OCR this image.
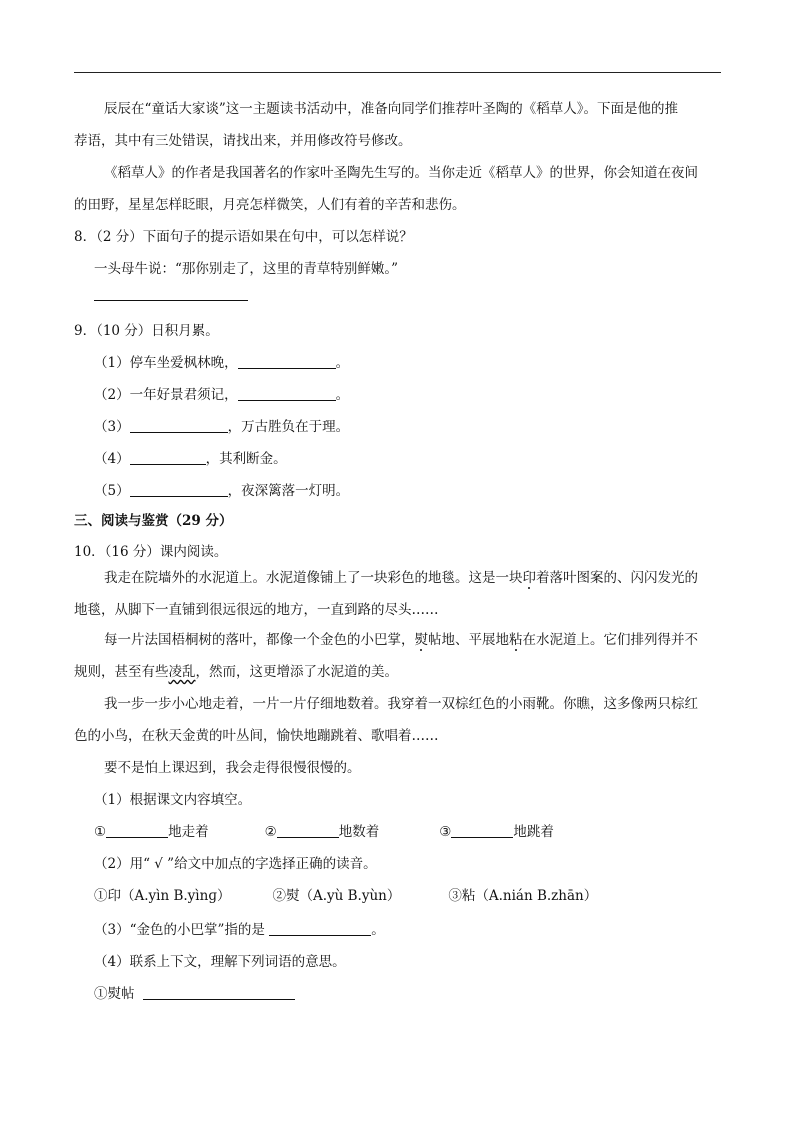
辰辰在“童话大家谈”这一主题读书活动中，准备向同学们推荐叶圣陶的《稻草人》。下面是他的推
荐语，其中有三处错误，请找出来，并用修改符号修改。
《稻草人》的作者是我国著名的作家叶圣陶先生写的。当你走近《稻草人》的世界，你会知道在夜间
的田野，星星怎样眨眼，月亮怎样微笑，人们有着的辛苦和悲伤。
8．（2 分）下面句子的提示语如果在句中，可以怎样说？
一头母牛说：“那你别走了，这里的青草特别鲜嫩。”
9．（10 分）日积月累。
（1）停车坐爱枫林晚，	。
（2）一年好景君须记，	。
（3）	，万古胜负在于理。
（4）	，其利断金。
（5）	，夜深篱落一灯明。
三、阅读与鉴赏（29 分）
10．（16 分）课内阅读。
我走在院墙外的水泥道上。水泥道像铺上了一块彩色的地毯。这是一块印着落叶图案的、闪闪发光的
地毯，从脚下一直铺到很远很远的地方，一直到路的尽头……
每一片法国梧桐树的落叶，都像一个金色的小巴掌，熨帖地、平展地粘在水泥道上。它们排列得并不
规则，甚至有些凌乱，然而，这更增添了水泥道的美。
我一步一步小心地走着，一片一片仔细地数着。我穿着一双棕红色的小雨靴。你瞧，这多像两只棕红
色的小鸟，在秋天金黄的叶丛间，愉快地蹦跳着、歌唱着……
要不是怕上课迟到，我会走得很慢很慢的。
（1）根据课文内容填空。
①	地走着	②	地数着	③	地跳着
（2）用“ √ ”给文中加点的字选择正确的读音。
①印（A.yìn B.yìnɡ）	②熨（A.yù B.yùn）	③粘（A.nián B.zhān）
（3）“金色的小巴掌”指的是	。
（4）联系上下文，理解下列词语的意思。
①熨帖
